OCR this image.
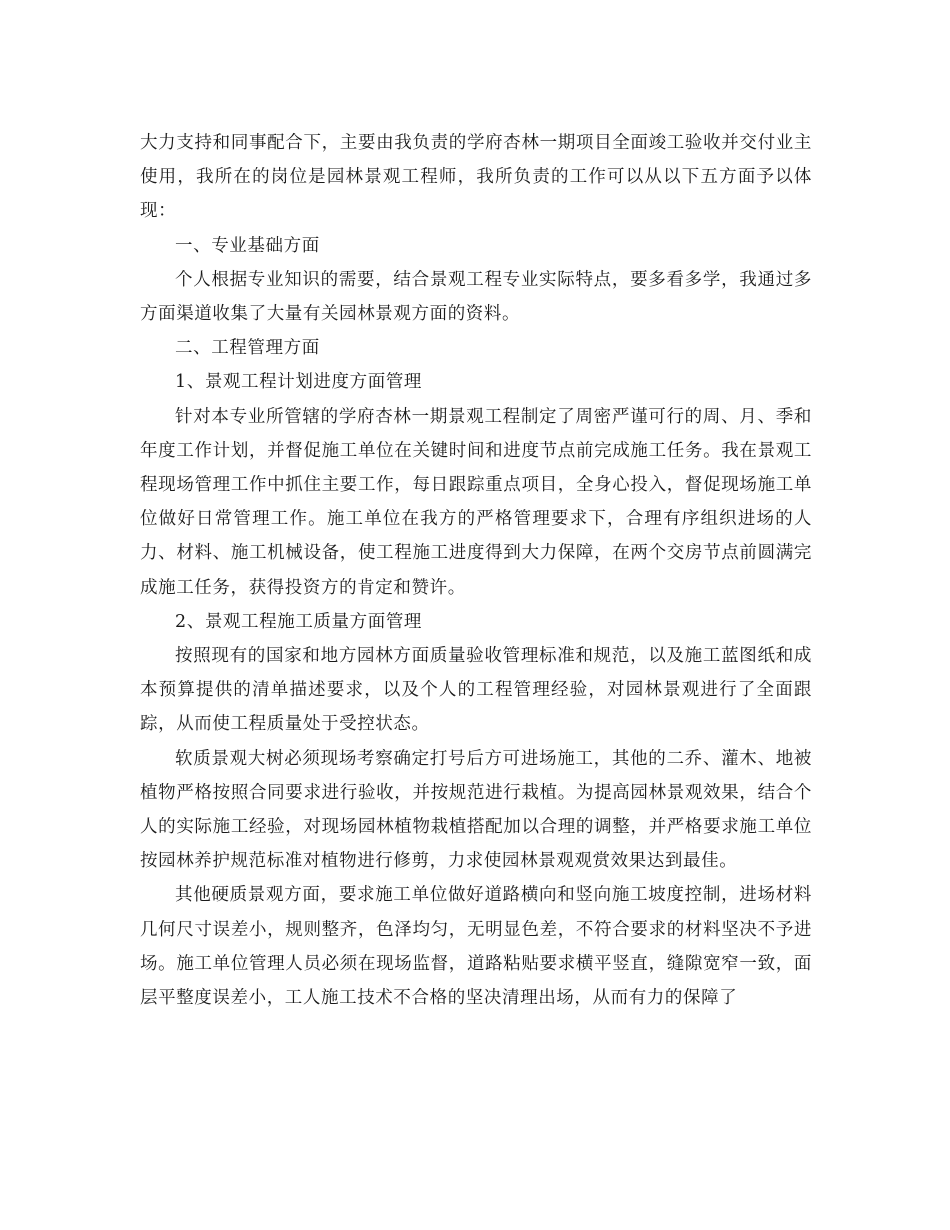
大力支持和同事配合下，主要由我负责的学府杏林一期项目全面竣工验收并交付业主使用，我所在的岗位是园林景观工程师，我所负责的工作可以从以下五方面予以体现：

一、专业基础方面

个人根据专业知识的需要，结合景观工程专业实际特点，要多看多学，我通过多方面渠道收集了大量有关园林景观方面的资料。

二、工程管理方面

1、景观工程计划进度方面管理

针对本专业所管辖的学府杏林一期景观工程制定了周密严谨可行的周、月、季和年度工作计划，并督促施工单位在关键时间和进度节点前完成施工任务。我在景观工程现场管理工作中抓住主要工作，每日跟踪重点项目，全身心投入，督促现场施工单位做好日常管理工作。施工单位在我方的严格管理要求下，合理有序组织进场的人力、材料、施工机械设备，使工程施工进度得到大力保障，在两个交房节点前圆满完成施工任务，获得投资方的肯定和赞许。

2、景观工程施工质量方面管理

按照现有的国家和地方园林方面质量验收管理标准和规范，以及施工蓝图纸和成本预算提供的清单描述要求，以及个人的工程管理经验，对园林景观进行了全面跟踪，从而使工程质量处于受控状态。

软质景观大树必须现场考察确定打号后方可进场施工，其他的二乔、灌木、地被植物严格按照合同要求进行验收，并按规范进行栽植。为提高园林景观效果，结合个人的实际施工经验，对现场园林植物栽植搭配加以合理的调整，并严格要求施工单位按园林养护规范标准对植物进行修剪，力求使园林景观观赏效果达到最佳。

其他硬质景观方面，要求施工单位做好道路横向和竖向施工坡度控制，进场材料几何尺寸误差小，规则整齐，色泽均匀，无明显色差，不符合要求的材料坚决不予进场。施工单位管理人员必须在现场监督，道路粘贴要求横平竖直，缝隙宽窄一致，面层平整度误差小，工人施工技术不合格的坚决清理出场，从而有力的保障了
